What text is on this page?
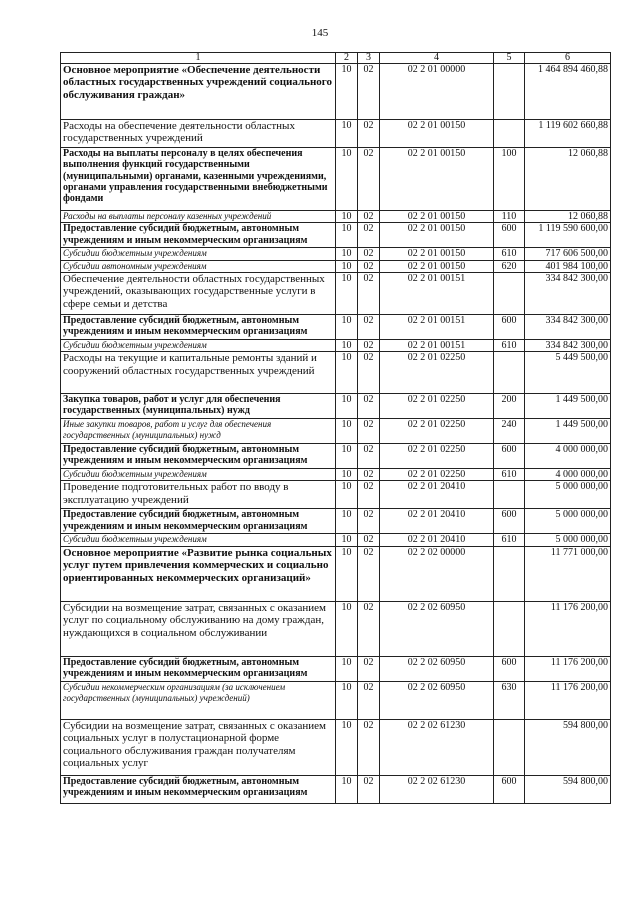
145
1	2	3	4	5	6
Основное мероприятие «Обеспечение деятельности областных государственных учреждений социального обслуживания граждан»	10	02	02 2 01 00000		1 464 894 460,88
Расходы на обеспечение деятельности областных государственных учреждений	10	02	02 2 01 00150		1 119 602 660,88
Расходы на выплаты персоналу в целях обеспечения выполнения функций государственными (муниципальными) органами, казенными учреждениями, органами управления государственными внебюджетными фондами	10	02	02 2 01 00150	100	12 060,88
Расходы на выплаты персоналу казенных учреждений	10	02	02 2 01 00150	110	12 060,88
Предоставление субсидий бюджетным, автономным учреждениям и иным некоммерческим организациям	10	02	02 2 01 00150	600	1 119 590 600,00
Субсидии бюджетным учреждениям	10	02	02 2 01 00150	610	717 606 500,00
Субсидии автономным учреждениям	10	02	02 2 01 00150	620	401 984 100,00
Обеспечение деятельности областных государственных учреждений, оказывающих государственные услуги в сфере семьи и детства	10	02	02 2 01 00151		334 842 300,00
Предоставление субсидий бюджетным, автономным учреждениям и иным некоммерческим организациям	10	02	02 2 01 00151	600	334 842 300,00
Субсидии бюджетным учреждениям	10	02	02 2 01 00151	610	334 842 300,00
Расходы на текущие и капитальные ремонты зданий и сооружений областных государственных учреждений	10	02	02 2 01 02250		5 449 500,00
Закупка товаров, работ и услуг для обеспечения государственных (муниципальных) нужд	10	02	02 2 01 02250	200	1 449 500,00
Иные закупки товаров, работ и услуг для обеспечения государственных (муниципальных) нужд	10	02	02 2 01 02250	240	1 449 500,00
Предоставление субсидий бюджетным, автономным учреждениям и иным некоммерческим организациям	10	02	02 2 01 02250	600	4 000 000,00
Субсидии бюджетным учреждениям	10	02	02 2 01 02250	610	4 000 000,00
Проведение подготовительных работ по вводу в эксплуатацию учреждений	10	02	02 2 01 20410		5 000 000,00
Предоставление субсидий бюджетным, автономным учреждениям и иным некоммерческим организациям	10	02	02 2 01 20410	600	5 000 000,00
Субсидии бюджетным учреждениям	10	02	02 2 01 20410	610	5 000 000,00
Основное мероприятие «Развитие рынка социальных услуг путем привлечения коммерческих и социально ориентированных некоммерческих организаций»	10	02	02 2 02 00000		11 771 000,00
Субсидии на возмещение затрат, связанных с оказанием услуг по социальному обслуживанию на дому граждан, нуждающихся в социальном обслуживании	10	02	02 2 02 60950		11 176 200,00
Предоставление субсидий бюджетным, автономным учреждениям и иным некоммерческим организациям	10	02	02 2 02 60950	600	11 176 200,00
Субсидии некоммерческим организациям (за исключением государственных (муниципальных) учреждений)	10	02	02 2 02 60950	630	11 176 200,00
Субсидии на возмещение затрат, связанных с оказанием социальных услуг в полустационарной форме социального обслуживания граждан получателям социальных услуг	10	02	02 2 02 61230		594 800,00
Предоставление субсидий бюджетным, автономным учреждениям и иным некоммерческим организациям	10	02	02 2 02 61230	600	594 800,00
